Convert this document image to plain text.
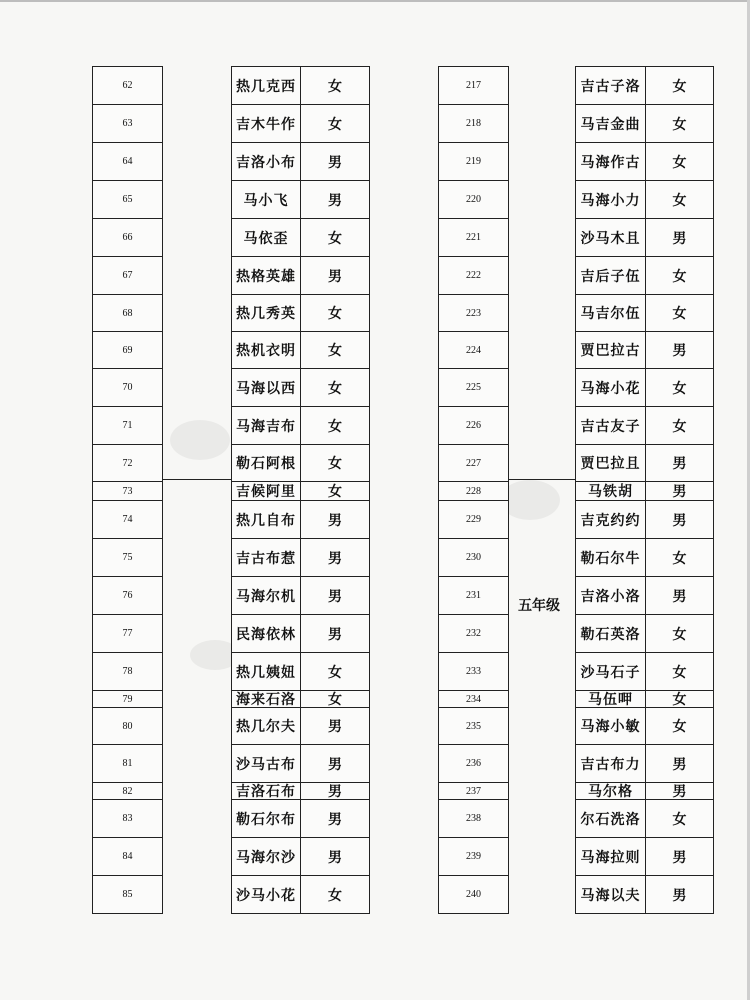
62	热几克西	女
63	吉木牛作	女
64	吉洛小布	男
65	马小飞	男
66	马依歪	女
67	热格英雄	男
68	热几秀英	女
69	热机衣明	女
70	马海以西	女
71	马海吉布	女
72	勒石阿根	女
73	吉候阿里	女
74	热几自布	男
75	吉古布惹	男
76	马海尔机	男
77	民海依林	男
78	热几姨妞	女
79	海来石洛	女
80	热几尔夫	男
81	沙马古布	男
82	吉洛石布	男
83	勒石尔布	男
84	马海尔沙	男
85	沙马小花	女
217	吉古子洛	女
218	马吉金曲	女
219	马海作古	女
220	马海小力	女
221	沙马木且	男
222	吉后子伍	女
223	马吉尔伍	女
224	贾巴拉古	男
225	马海小花	女
226	吉古友子	女
227	贾巴拉且	男
228	马铁胡	男
229	吉克约约	男
230	勒石尔牛	女
231	吉洛小洛	男
232	勒石英洛	女
233	沙马石子	女
234	马伍呷	女
235	马海小敏	女
236	吉古布力	男
237	马尔格	男
238	尔石洗洛	女
239	马海拉则	男
240	马海以夫	男
五年级
